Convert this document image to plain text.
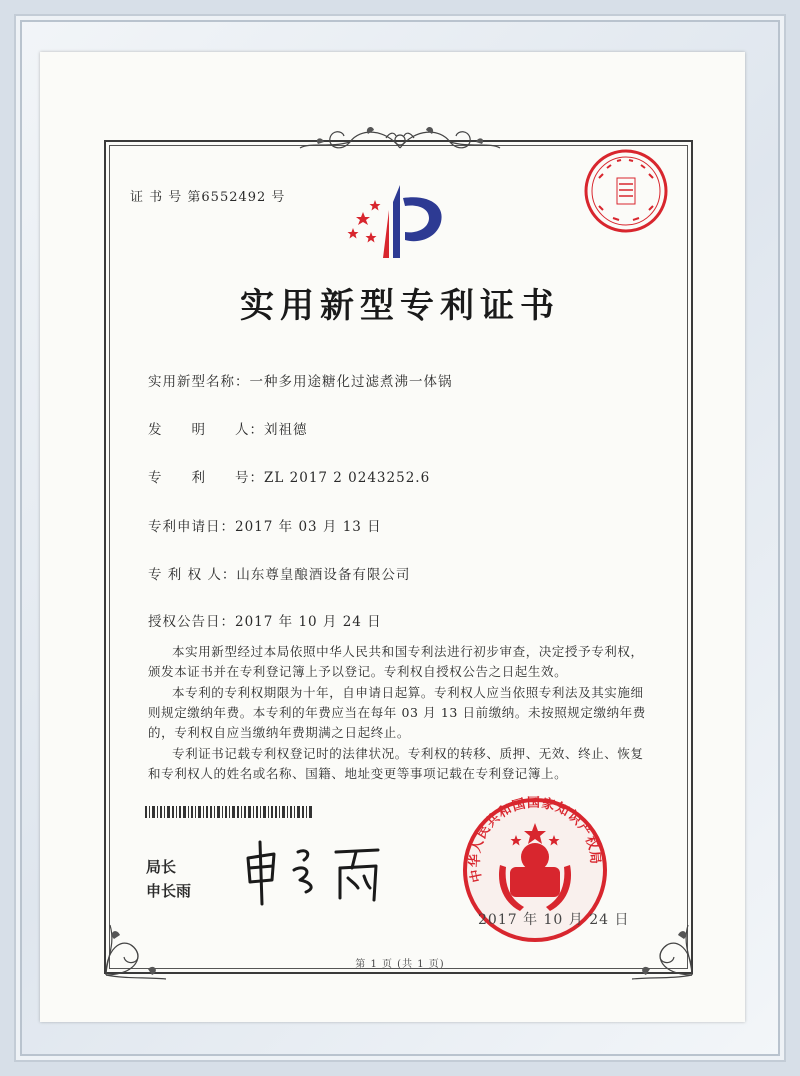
证 书 号 第6552492 号
实用新型专利证书
实用新型名称：一种多用途糖化过滤煮沸一体锅
发　　明　　人：刘祖德
专　　利　　号：ZL 2017 2 0243252.6
专利申请日：2017 年 03 月 13 日
专 利 权 人：山东尊皇酿酒设备有限公司
授权公告日：2017 年 10 月 24 日
本实用新型经过本局依照中华人民共和国专利法进行初步审查，决定授予专利权，颁发本证书并在专利登记簿上予以登记。专利权自授权公告之日起生效。
本专利的专利权期限为十年，自申请日起算。专利权人应当依照专利法及其实施细则规定缴纳年费。本专利的年费应当在每年 03 月 13 日前缴纳。未按照规定缴纳年费的，专利权自应当缴纳年费期满之日起终止。
专利证书记载专利权登记时的法律状况。专利权的转移、质押、无效、终止、恢复和专利权人的姓名或名称、国籍、地址变更等事项记载在专利登记簿上。
局长
申长雨
中华人民共和国国家知识产权局
2017 年 10 月 24 日
第 1 页 (共 1 页)
